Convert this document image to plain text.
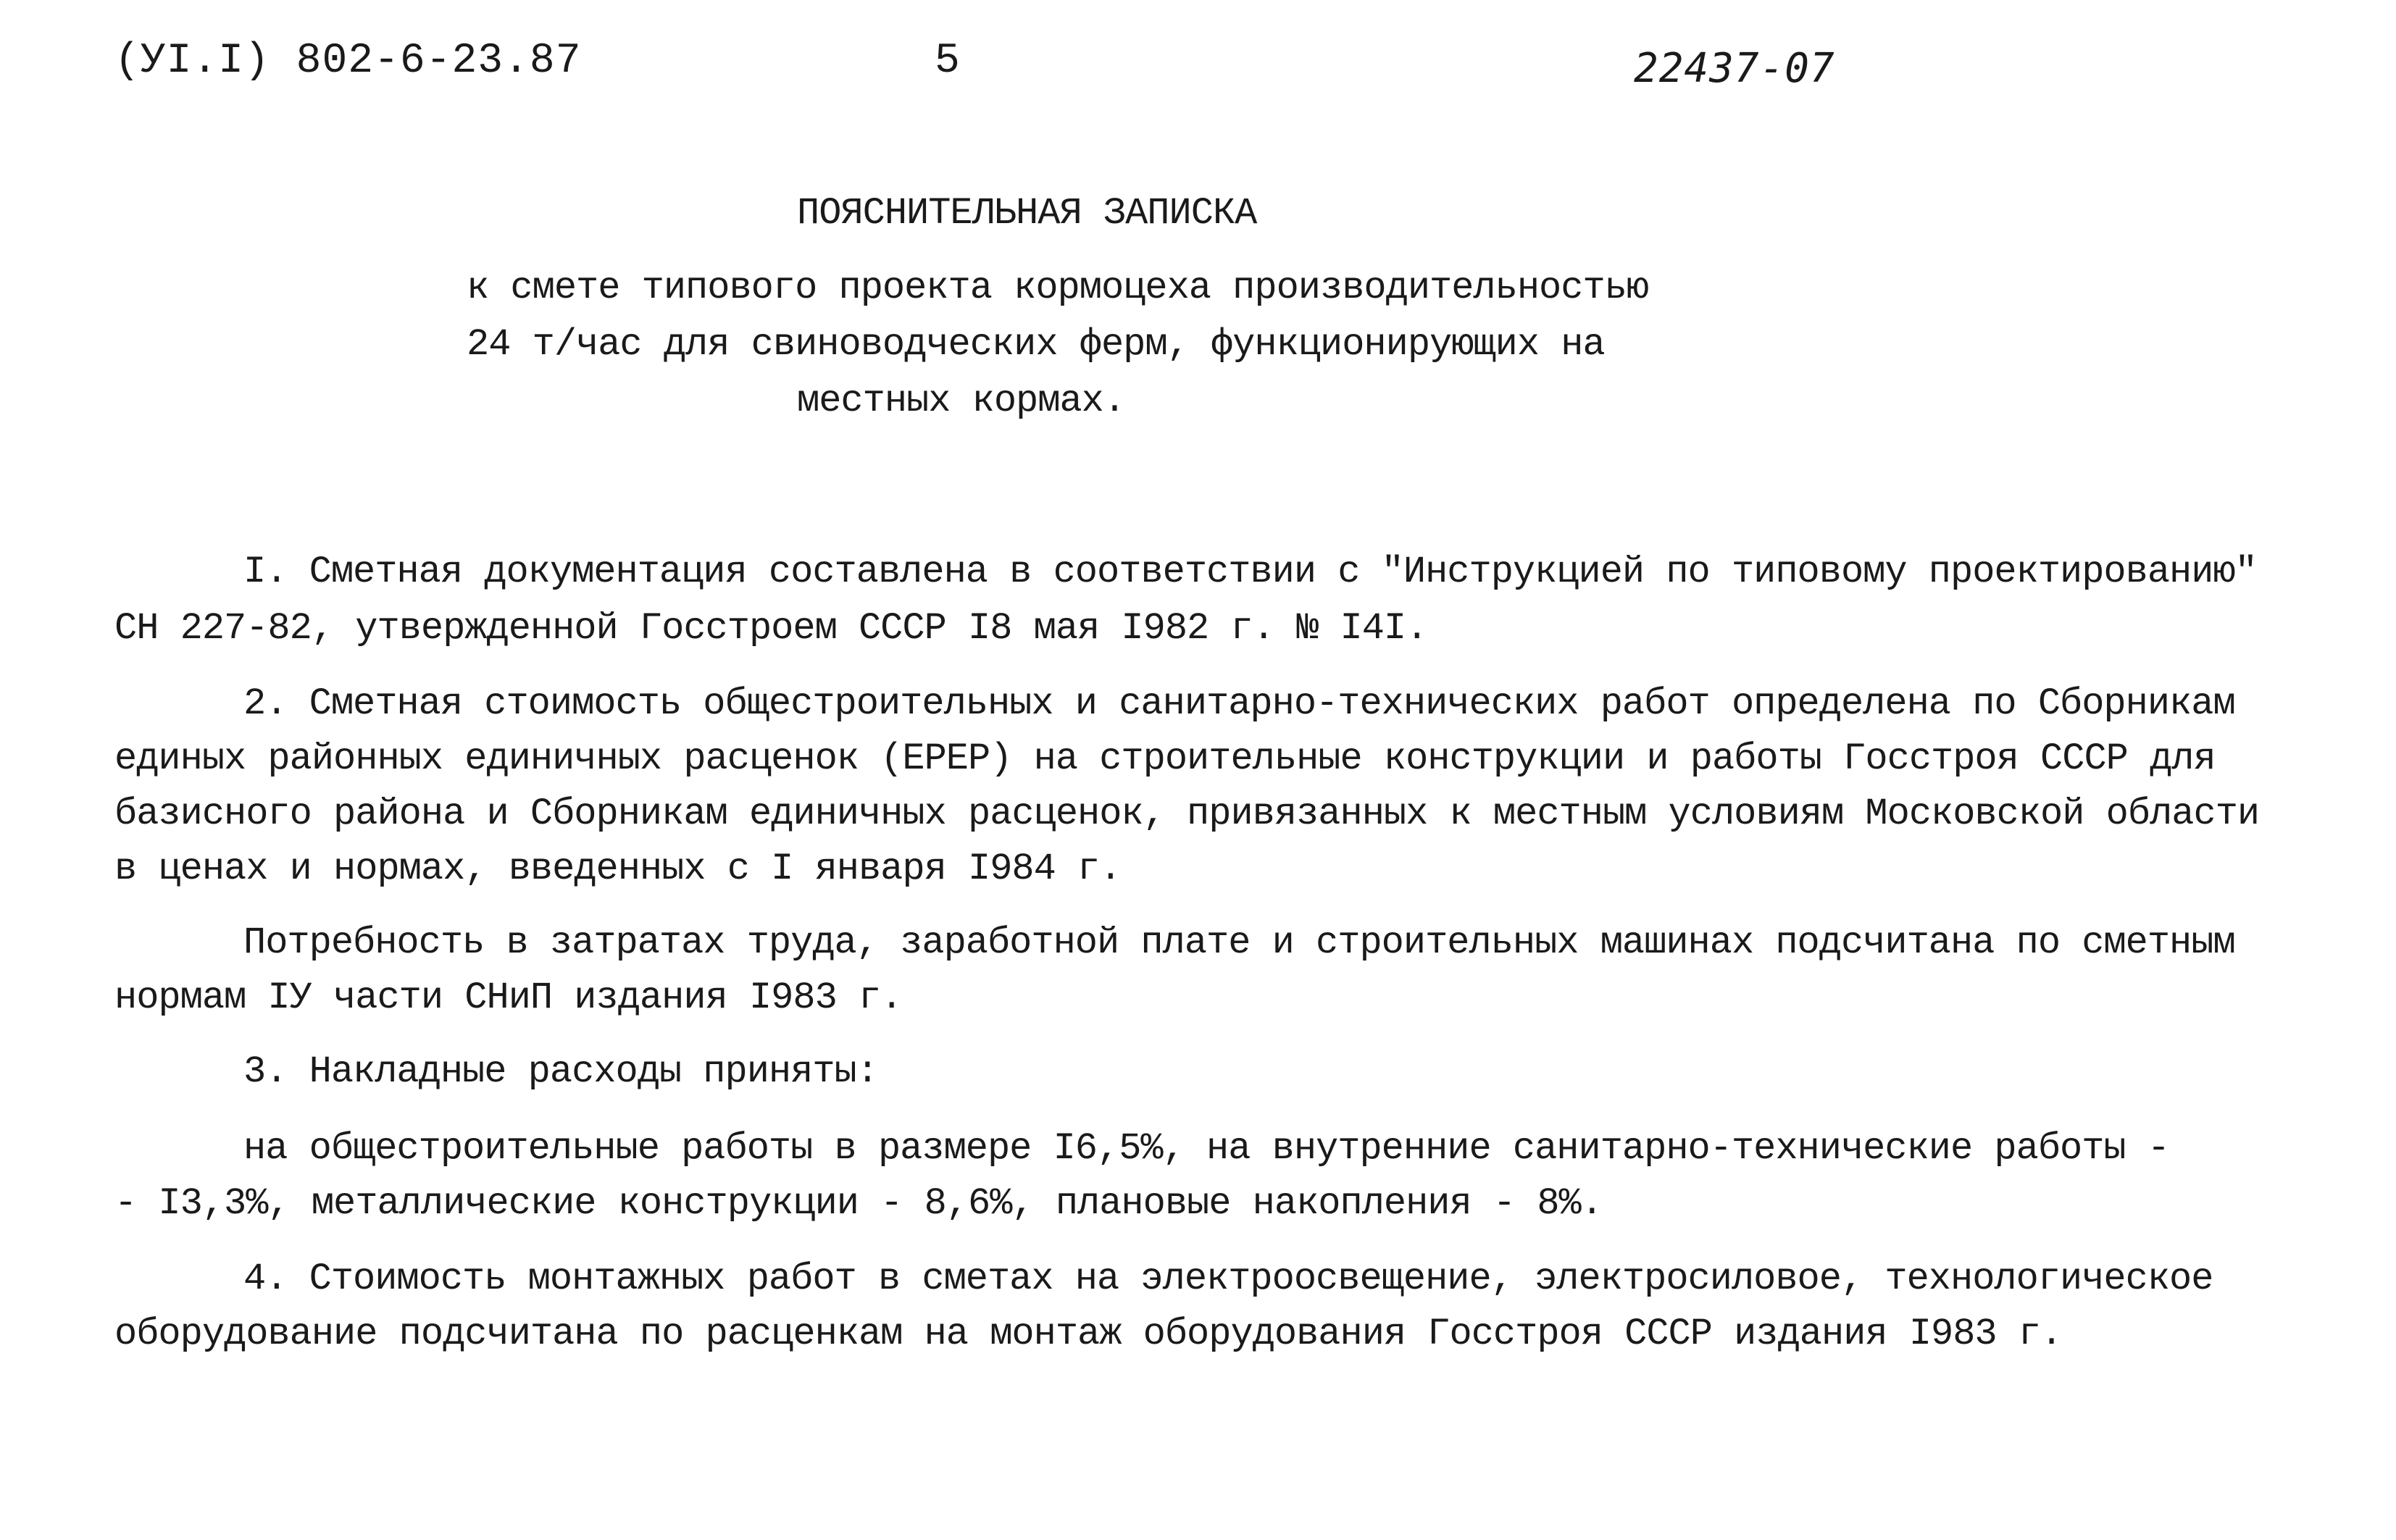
(УI.I) 802-6-23.87	5	22437-07
ПОЯСНИТЕЛЬНАЯ ЗАПИСКА
к смете типового проекта кормоцеха производительностью
24 т/час для свиноводческих ферм, функционирующих на
местных кормах.
I. Сметная документация составлена в соответствии с "Инструкцией по типовому проектированию"
СН 227-82, утвержденной Госстроем СССР I8 мая I982 г. № I4I.
2. Сметная стоимость общестроительных и санитарно-технических работ определена по Сборникам
единых районных единичных расценок (ЕРЕР) на строительные конструкции и работы Госстроя СССР для
базисного района и Сборникам единичных расценок, привязанных к местным условиям Московской области
в ценах и нормах, введенных с I января I984 г.
Потребность в затратах труда, заработной плате и строительных машинах подсчитана по сметным
нормам IУ части СНиП издания I983 г.
3. Накладные расходы приняты:
на общестроительные работы в размере I6,5%, на внутренние санитарно-технические работы -
- I3,3%, металлические конструкции - 8,6%, плановые накопления - 8%.
4. Стоимость монтажных работ в сметах на электроосвещение, электросиловое, технологическое
оборудование подсчитана по расценкам на монтаж оборудования Госстроя СССР издания I983 г.
